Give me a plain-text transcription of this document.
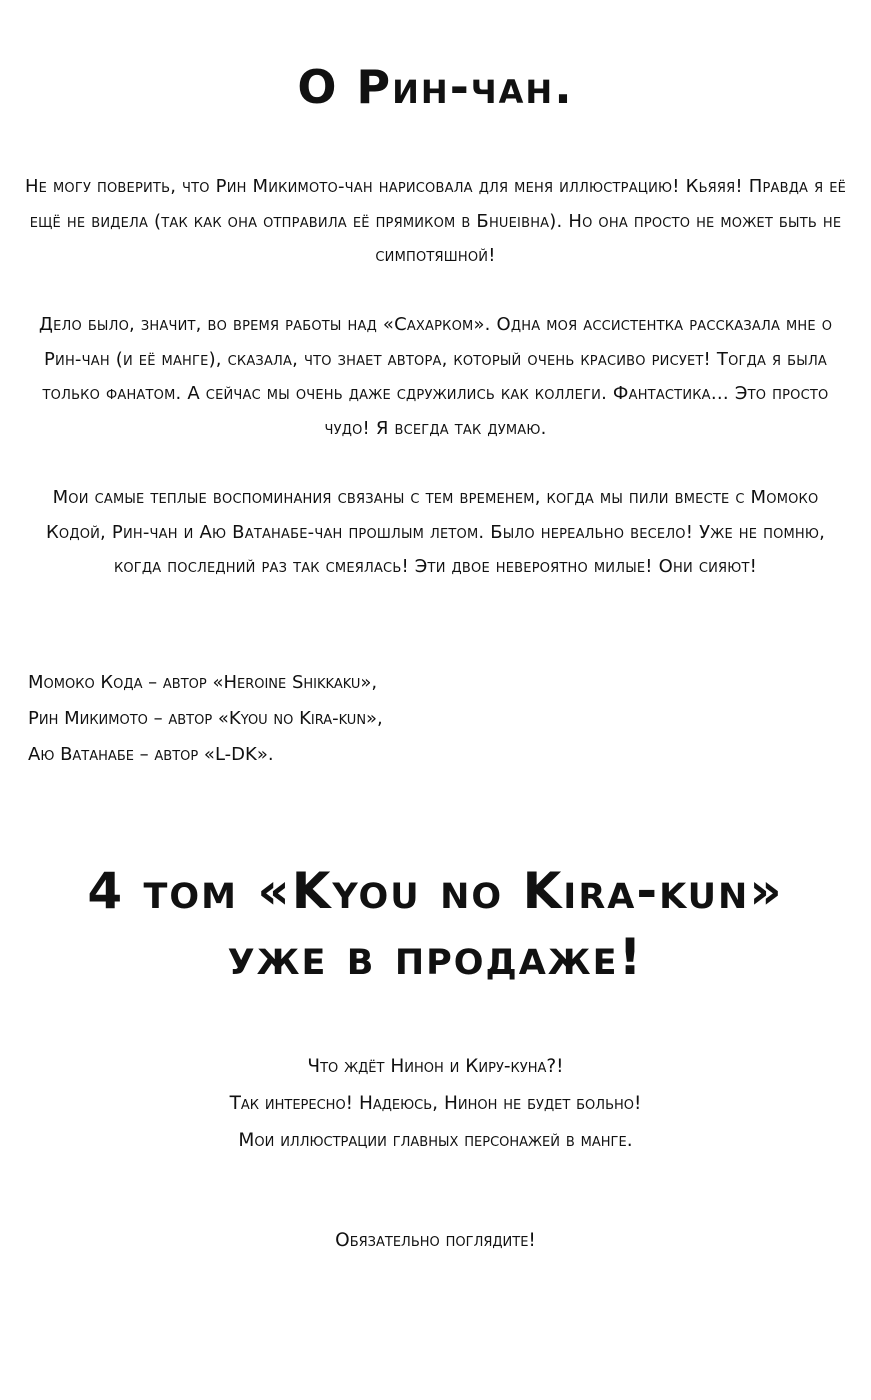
О Рин-чан.

Не могу поверить, что Рин Микимото-чан нарисовала для меня иллюстрацию! Кьяяя! Правда я её ещё не видела (так как она отправила её прямиком в Бнueiвна). Но она просто не может быть не симпотяшной!

Дело было, значит, во время работы над «Сахарком». Одна моя ассистентка рассказала мне о Рин-чан (и её манге), сказала, что знает автора, который очень красиво рисует! Тогда я была только фанатом. А сейчас мы очень даже сдружились как коллеги. Фантастика… Это просто чудо! Я всегда так думаю.

Мои самые теплые воспоминания связаны с тем временем, когда мы пили вместе с Момоко Кодой, Рин-чан и Аю Ватанабе-чан прошлым летом. Было нереально весело! Уже не помню, когда последний раз так смеялась! Эти двое невероятно милые! Они сияют!

Момоко Кода – автор «Heroine Shikkaku»,
Рин Микимото – автор «Kyou no Kira-kun»,
Аю Ватанабе – автор «L-DK».
4 том «Kyou no Kira-kun»
уже в продаже!
Что ждёт Нинон и Киру-куна?!
Так интересно! Надеюсь, Нинон не будет больно!
Мои иллюстрации главных персонажей в манге.
Обязательно поглядите!
